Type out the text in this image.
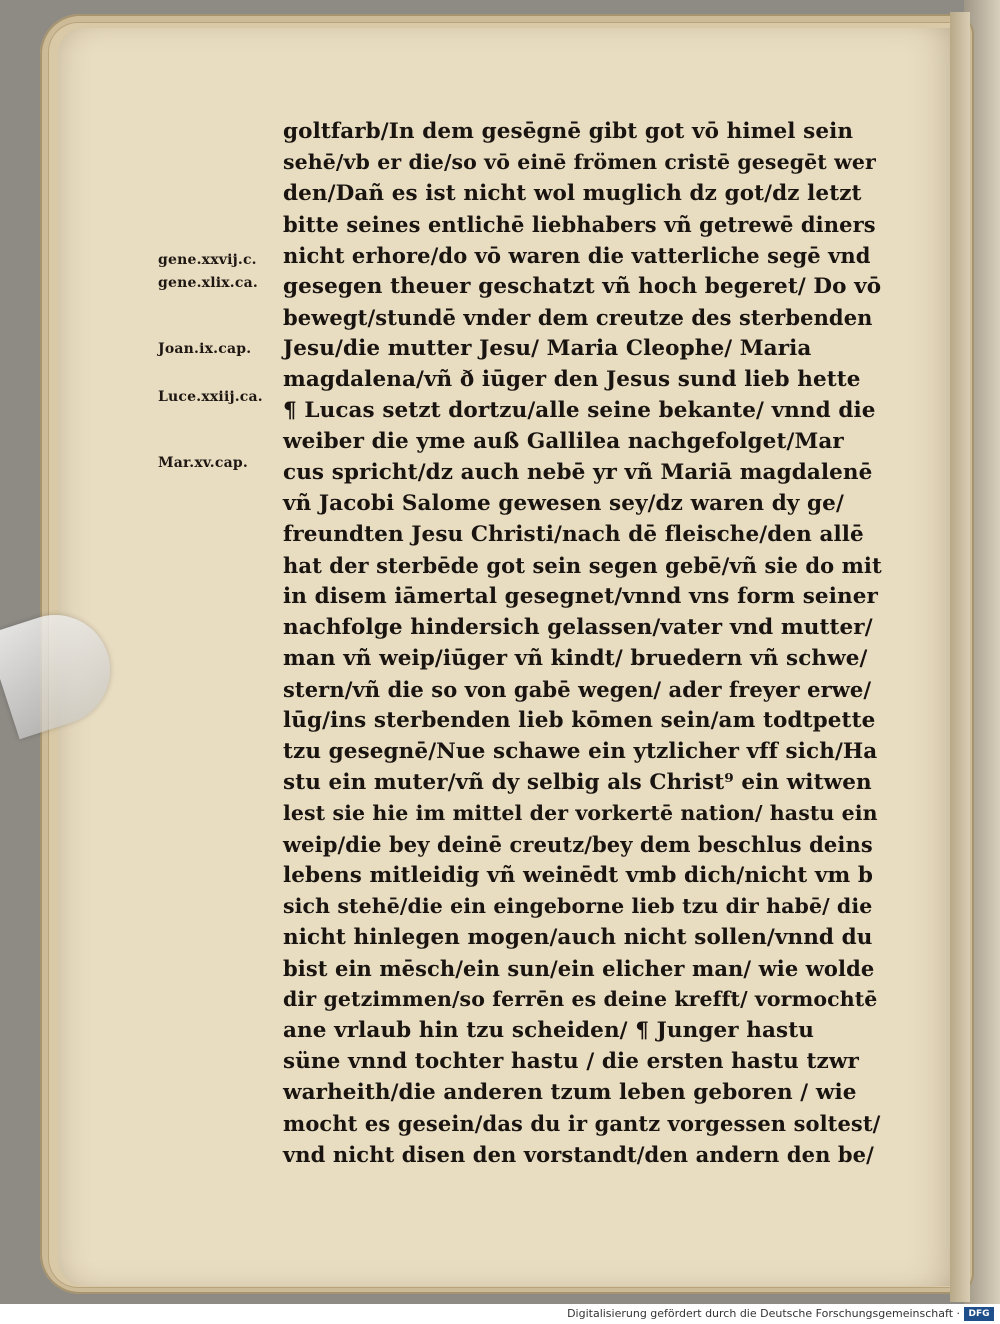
gene.xxvij.c.
gene.xlix.ca.
Joan.ix.cap.
Luce.xxiij.ca.
Mar.xv.cap.
goltfarb/In dem gesēgnē gibt got vō himel sein
sehē/vb er die/so vō einē frömen cristē gesegēt wer
den/Dañ es ist nicht wol muglich dz got/dz letzt
bitte seines entlichē liebhabers vñ getrewē diners
nicht erhore/do vō waren die vatterliche segē vnd
gesegen theuer geschatzt vñ hoch begeret/ Do vō
bewegt/stundē vnder dem creutze des sterbenden
Jesu/die mutter Jesu/ Maria Cleophe/ Maria
magdalena/vñ ð iūger den Jesus sund lieb hette
¶ Lucas setzt dortzu/alle seine bekante/ vnnd die
weiber die yme auß Gallilea nachgefolget/Mar
cus spricht/dz auch nebē yr vñ Mariā magdalenē
vñ Jacobi Salome gewesen sey/dz waren dy ge/
freundten Jesu Christi/nach dē fleische/den allē
hat der sterbēde got sein segen gebē/vñ sie do mit
in disem iāmertal gesegnet/vnnd vns form seiner
nachfolge hindersich gelassen/vater vnd mutter/
man vñ weip/iūger vñ kindt/ bruedern vñ schwe/
stern/vñ die so von gabē wegen/ ader freyer erwe/
lūg/ins sterbenden lieb kōmen sein/am todtpette
tzu gesegnē/Nue schawe ein ytzlicher vff sich/Ha
stu ein muter/vñ dy selbig als Christ⁹ ein witwen
lest sie hie im mittel der vorkertē nation/ hastu ein
weip/die bey deinē creutz/bey dem beschlus deins
lebens mitleidig vñ weinēdt vmb dich/nicht vm b
sich stehē/die ein eingeborne lieb tzu dir habē/ die
nicht hinlegen mogen/auch nicht sollen/vnnd du
bist ein mēsch/ein sun/ein elicher man/ wie wolde
dir getzimmen/so ferrēn es deine krefft/ vormochtē
ane vrlaub hin tzu scheiden/ ¶ Junger hastu
süne vnnd tochter hastu / die ersten hastu tzwr
warheith/die anderen tzum leben geboren / wie
mocht es gesein/das du ir gantz vorgessen soltest/
vnd nicht disen den vorstandt/den andern den be/
Digitalisierung gefördert durch die Deutsche Forschungsgemeinschaft · DFG
